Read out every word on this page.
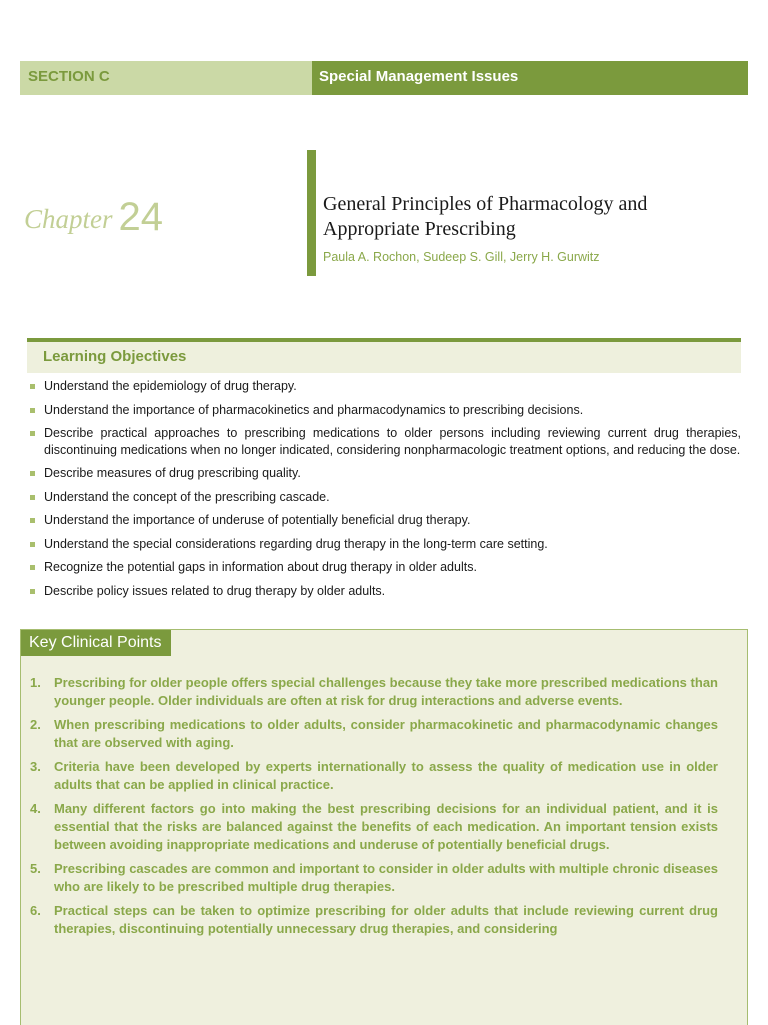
SECTION C	Special Management Issues
Chapter 24	General Principles of Pharmacology and Appropriate Prescribing
Paula A. Rochon, Sudeep S. Gill, Jerry H. Gurwitz
Learning Objectives
Understand the epidemiology of drug therapy.
Understand the importance of pharmacokinetics and pharmacodynamics to prescribing decisions.
Describe practical approaches to prescribing medications to older persons including reviewing current drug therapies, discontinuing medications when no longer indicated, considering nonpharmacologic treatment options, and reducing the dose.
Describe measures of drug prescribing quality.
Understand the concept of the prescribing cascade.
Understand the importance of underuse of potentially beneficial drug therapy.
Understand the special considerations regarding drug therapy in the long-term care setting.
Recognize the potential gaps in information about drug therapy in older adults.
Describe policy issues related to drug therapy by older adults.
Key Clinical Points
1. Prescribing for older people offers special challenges because they take more prescribed medications than younger people. Older individuals are often at risk for drug interactions and adverse events.
2. When prescribing medications to older adults, consider pharmacokinetic and pharmacodynamic changes that are observed with aging.
3. Criteria have been developed by experts internationally to assess the quality of medication use in older adults that can be applied in clinical practice.
4. Many different factors go into making the best prescribing decisions for an individual patient, and it is essential that the risks are balanced against the benefits of each medication. An important tension exists between avoiding inappropriate medications and underuse of potentially beneficial drugs.
5. Prescribing cascades are common and important to consider in older adults with multiple chronic diseases who are likely to be prescribed multiple drug therapies.
6. Practical steps can be taken to optimize prescribing for older adults that include reviewing current drug therapies, discontinuing potentially unnecessary drug therapies, and considering
